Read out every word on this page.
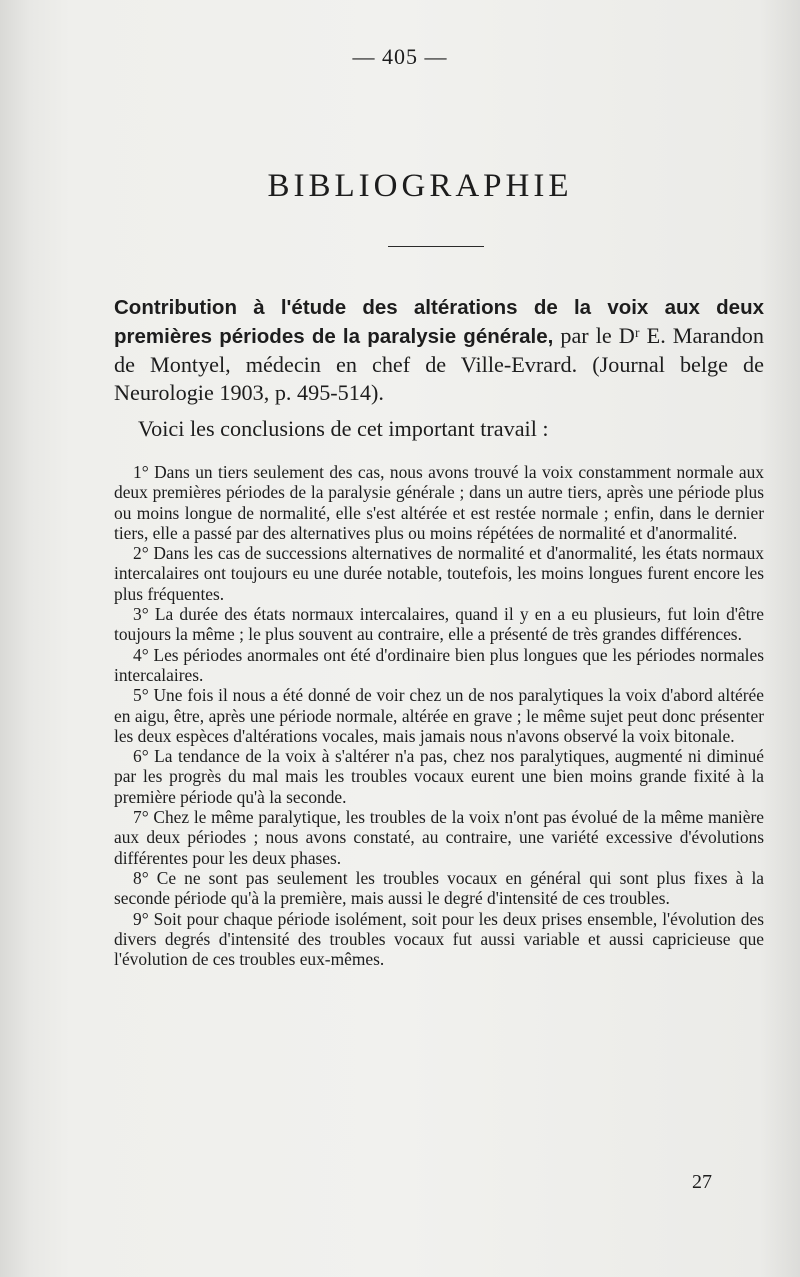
— 405 —
BIBLIOGRAPHIE
Contribution à l'étude des altérations de la voix aux deux premières périodes de la paralysie générale, par le Dʳ E. Marandon de Montyel, médecin en chef de Ville-Evrard. (Journal belge de Neurologie 1903, p. 495-514).
Voici les conclusions de cet important travail :

1° Dans un tiers seulement des cas, nous avons trouvé la voix constamment normale aux deux premières périodes de la paralysie générale ; dans un autre tiers, après une période plus ou moins longue de normalité, elle s'est altérée et est restée normale ; enfin, dans le dernier tiers, elle a passé par des alternatives plus ou moins répétées de normalité et d'anormalité.

2° Dans les cas de successions alternatives de normalité et d'anormalité, les états normaux intercalaires ont toujours eu une durée notable, toutefois, les moins longues furent encore les plus fréquentes.

3° La durée des états normaux intercalaires, quand il y en a eu plusieurs, fut loin d'être toujours la même ; le plus souvent au contraire, elle a présenté de très grandes différences.

4° Les périodes anormales ont été d'ordinaire bien plus longues que les périodes normales intercalaires.

5° Une fois il nous a été donné de voir chez un de nos paralytiques la voix d'abord altérée en aigu, être, après une période normale, altérée en grave ; le même sujet peut donc présenter les deux espèces d'altérations vocales, mais jamais nous n'avons observé la voix bitonale.

6° La tendance de la voix à s'altérer n'a pas, chez nos paralytiques, augmenté ni diminué par les progrès du mal mais les troubles vocaux eurent une bien moins grande fixité à la première période qu'à la seconde.

7° Chez le même paralytique, les troubles de la voix n'ont pas évolué de la même manière aux deux périodes ; nous avons constaté, au contraire, une variété excessive d'évolutions différentes pour les deux phases.

8° Ce ne sont pas seulement les troubles vocaux en général qui sont plus fixes à la seconde période qu'à la première, mais aussi le degré d'intensité de ces troubles.

9° Soit pour chaque période isolément, soit pour les deux prises ensemble, l'évolution des divers degrés d'intensité des troubles vocaux fut aussi variable et aussi capricieuse que l'évolution de ces troubles eux-mêmes.

27
